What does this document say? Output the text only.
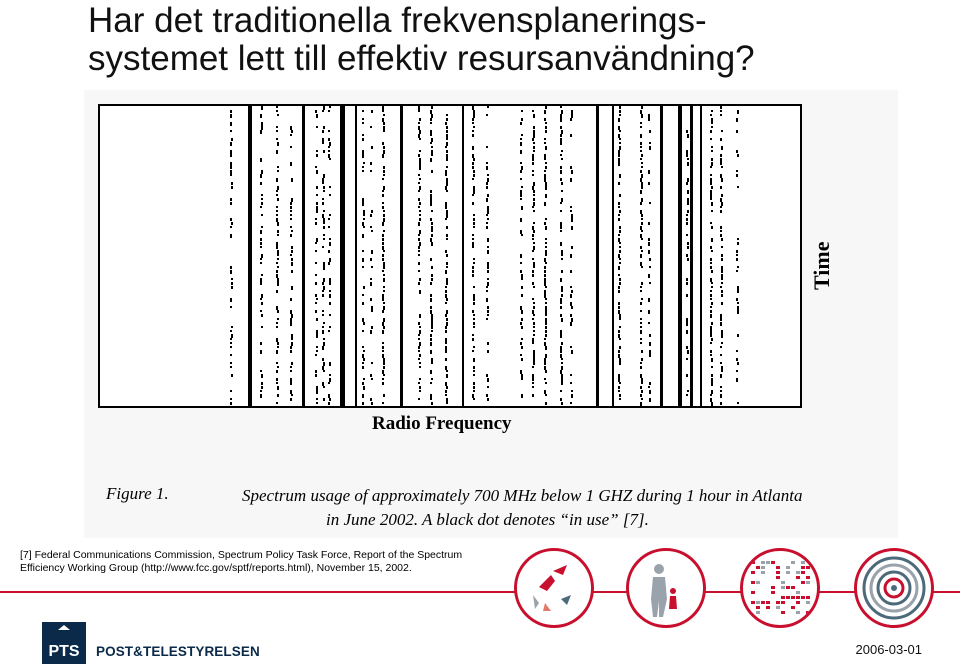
Har det traditionella frekvensplanerings-
systemet lett till effektiv resursanvändning?
Time
Radio Frequency
Figure 1.	Spectrum usage of approximately 700 MHz below 1 GHZ during 1 hour in Atlanta
in June 2002. A black dot denotes “in use” [7].
[7] Federal Communications Commission, Spectrum Policy Task Force, Report of the Spectrum
Efficiency Working Group (http://www.fcc.gov/sptf/reports.html), November 15, 2002.
PTS POST&TELESTYRELSEN	2006-03-01
